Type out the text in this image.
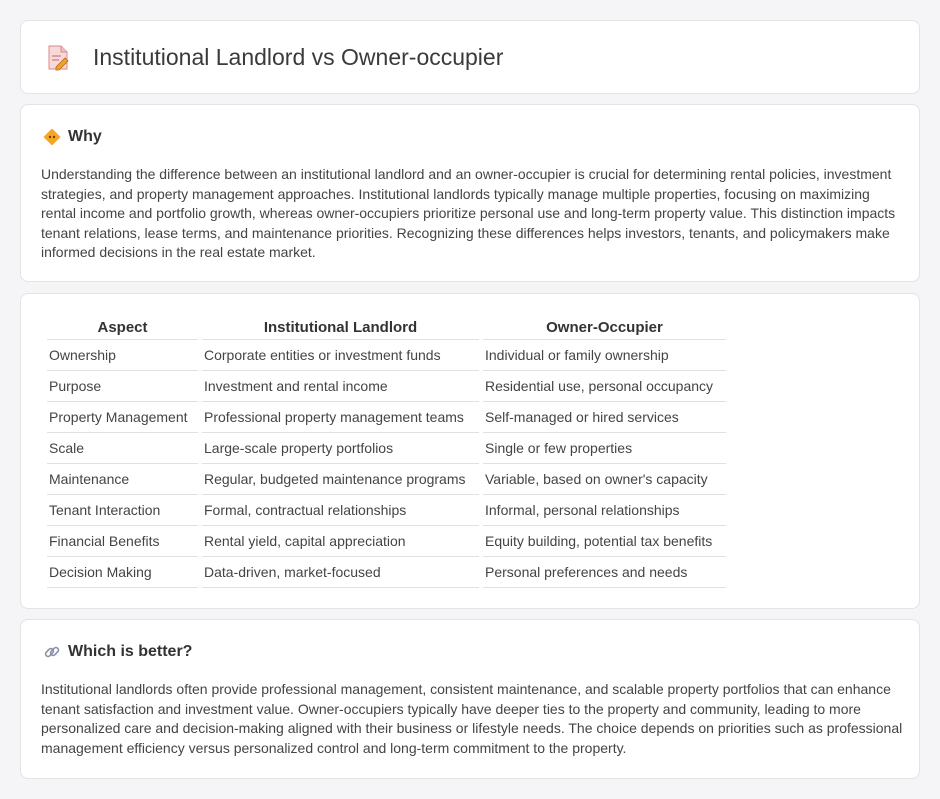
Institutional Landlord vs Owner-occupier
Why

Understanding the difference between an institutional landlord and an owner-occupier is crucial for determining rental policies, investment strategies, and property management approaches. Institutional landlords typically manage multiple properties, focusing on maximizing rental income and portfolio growth, whereas owner-occupiers prioritize personal use and long-term property value. This distinction impacts tenant relations, lease terms, and maintenance priorities. Recognizing these differences helps investors, tenants, and policymakers make informed decisions in the real estate market.

Aspect	Institutional Landlord	Owner-Occupier
Ownership	Corporate entities or investment funds	Individual or family ownership
Purpose	Investment and rental income	Residential use, personal occupancy
Property Management	Professional property management teams	Self-managed or hired services
Scale	Large-scale property portfolios	Single or few properties
Maintenance	Regular, budgeted maintenance programs	Variable, based on owner's capacity
Tenant Interaction	Formal, contractual relationships	Informal, personal relationships
Financial Benefits	Rental yield, capital appreciation	Equity building, potential tax benefits
Decision Making	Data-driven, market-focused	Personal preferences and needs
Which is better?

Institutional landlords often provide professional management, consistent maintenance, and scalable property portfolios that can enhance tenant satisfaction and investment value. Owner-occupiers typically have deeper ties to the property and community, leading to more personalized care and decision-making aligned with their business or lifestyle needs. The choice depends on priorities such as professional management efficiency versus personalized control and long-term commitment to the property.
